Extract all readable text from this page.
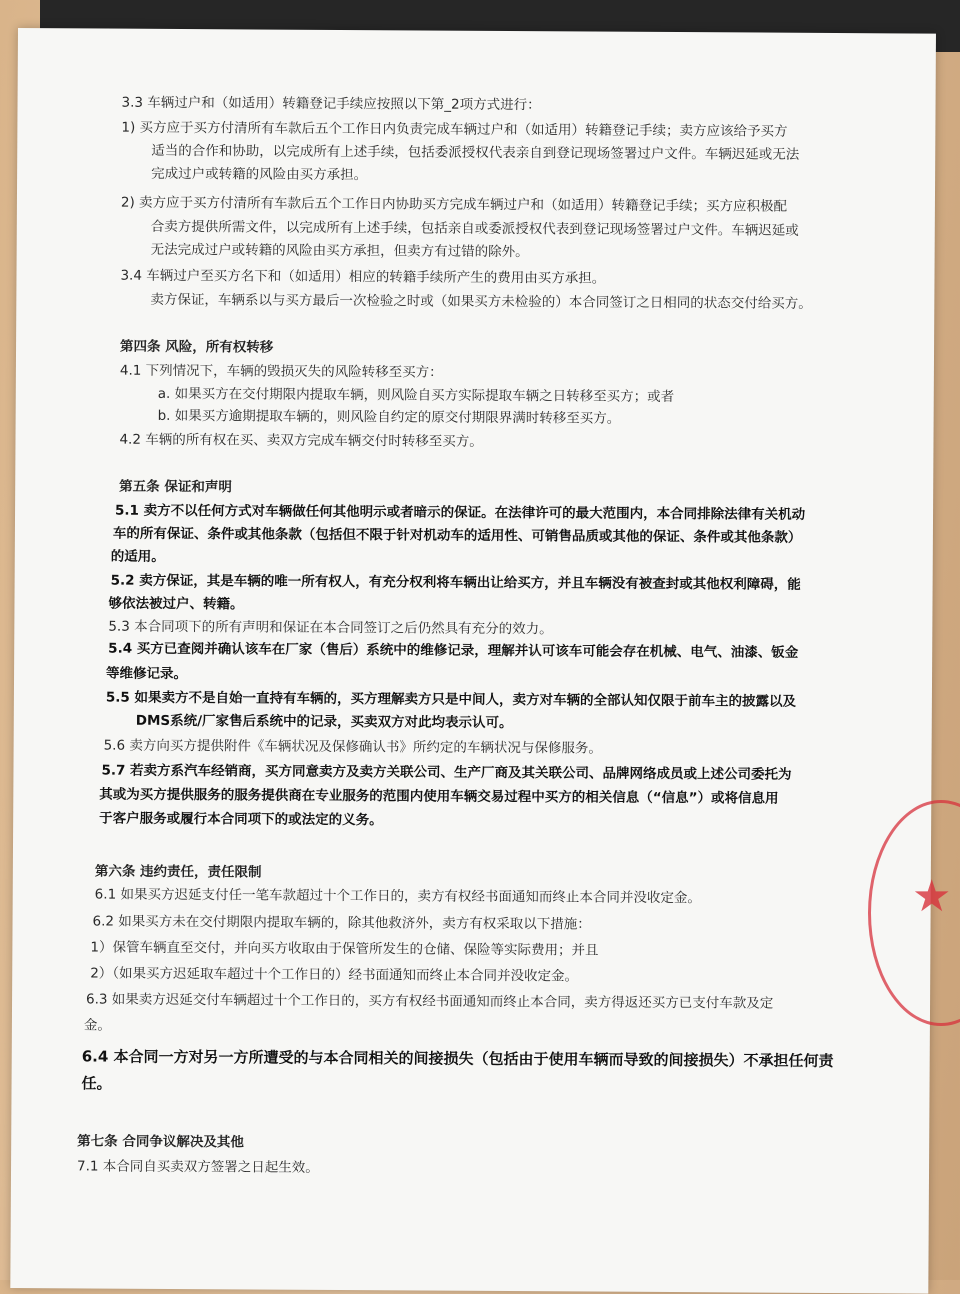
3.3 车辆过户和（如适用）转籍登记手续应按照以下第_2项方式进行：
1) 买方应于买方付清所有车款后五个工作日内负责完成车辆过户和（如适用）转籍登记手续；卖方应该给予买方
适当的合作和协助，以完成所有上述手续，包括委派授权代表亲自到登记现场签署过户文件。车辆迟延或无法
完成过户或转籍的风险由买方承担。
2) 卖方应于买方付清所有车款后五个工作日内协助买方完成车辆过户和（如适用）转籍登记手续；买方应积极配
合卖方提供所需文件，以完成所有上述手续，包括亲自或委派授权代表到登记现场签署过户文件。车辆迟延或
无法完成过户或转籍的风险由买方承担，但卖方有过错的除外。
3.4 车辆过户至买方名下和（如适用）相应的转籍手续所产生的费用由买方承担。
卖方保证，车辆系以与买方最后一次检验之时或（如果买方未检验的）本合同签订之日相同的状态交付给买方。
第四条 风险，所有权转移
4.1 下列情况下，车辆的毁损灭失的风险转移至买方：
a. 如果买方在交付期限内提取车辆，则风险自买方实际提取车辆之日转移至买方；或者
b. 如果买方逾期提取车辆的，则风险自约定的原交付期限界满时转移至买方。
4.2 车辆的所有权在买、卖双方完成车辆交付时转移至买方。
第五条 保证和声明
5.1 卖方不以任何方式对车辆做任何其他明示或者暗示的保证。在法律许可的最大范围内，本合同排除法律有关机动
车的所有保证、条件或其他条款（包括但不限于针对机动车的适用性、可销售品质或其他的保证、条件或其他条款）
的适用。
5.2 卖方保证，其是车辆的唯一所有权人，有充分权利将车辆出让给买方，并且车辆没有被查封或其他权利障碍，能
够依法被过户、转籍。
5.3 本合同项下的所有声明和保证在本合同签订之后仍然具有充分的效力。
5.4 买方已查阅并确认该车在厂家（售后）系统中的维修记录，理解并认可该车可能会存在机械、电气、油漆、钣金
等维修记录。
5.5 如果卖方不是自始一直持有车辆的，买方理解卖方只是中间人，卖方对车辆的全部认知仅限于前车主的披露以及
DMS系统/厂家售后系统中的记录，买卖双方对此均表示认可。
5.6 卖方向买方提供附件《车辆状况及保修确认书》所约定的车辆状况与保修服务。
5.7 若卖方系汽车经销商，买方同意卖方及卖方关联公司、生产厂商及其关联公司、品牌网络成员或上述公司委托为
其或为买方提供服务的服务提供商在专业服务的范围内使用车辆交易过程中买方的相关信息（“信息”）或将信息用
于客户服务或履行本合同项下的或法定的义务。
第六条 违约责任，责任限制
6.1 如果买方迟延支付任一笔车款超过十个工作日的，卖方有权经书面通知而终止本合同并没收定金。
6.2 如果买方未在交付期限内提取车辆的，除其他救济外，卖方有权采取以下措施：
1）保管车辆直至交付，并向买方收取由于保管所发生的仓储、保险等实际费用；并且
2）（如果买方迟延取车超过十个工作日的）经书面通知而终止本合同并没收定金。
6.3 如果卖方迟延交付车辆超过十个工作日的，买方有权经书面通知而终止本合同，卖方得返还买方已支付车款及定
金。
6.4 本合同一方对另一方所遭受的与本合同相关的间接损失（包括由于使用车辆而导致的间接损失）不承担任何责
任。
第七条 合同争议解决及其他
7.1 本合同自买卖双方签署之日起生效。
★
